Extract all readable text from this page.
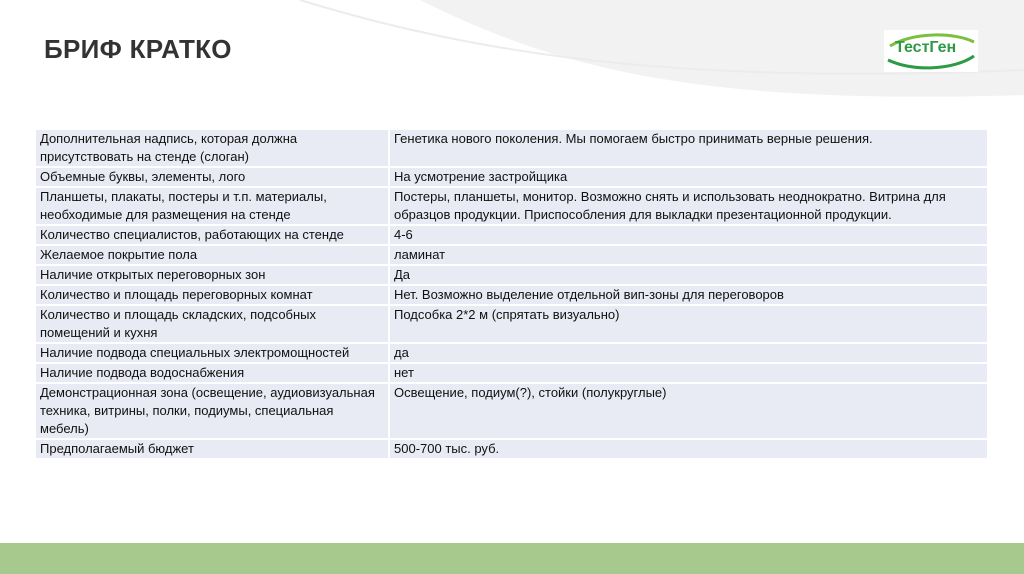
БРИФ КРАТКО	ТестГен
Дополнительная надпись, которая должна присутствовать на стенде (слоган)	Генетика нового поколения. Мы помогаем быстро принимать верные решения.
Объемные буквы, элементы, лого	На усмотрение застройщика
Планшеты, плакаты, постеры и т.п. материалы, необходимые для размещения на стенде	Постеры, планшеты, монитор. Возможно снять и использовать неоднократно. Витрина для образцов продукции. Приспособления для выкладки презентационной продукции.
Количество специалистов, работающих на стенде	4-6
Желаемое покрытие пола	ламинат
Наличие открытых переговорных зон	Да
Количество и площадь переговорных комнат	Нет. Возможно выделение отдельной вип-зоны для переговоров
Количество и площадь складских, подсобных помещений и кухня	Подсобка 2*2 м (спрятать визуально)
Наличие подвода специальных электромощностей	да
Наличие подвода водоснабжения	нет
Демонстрационная зона (освещение, аудиовизуальная техника, витрины, полки, подиумы, специальная мебель)	Освещение, подиум(?), стойки (полукруглые)
Предполагаемый бюджет	500-700 тыс. руб.
